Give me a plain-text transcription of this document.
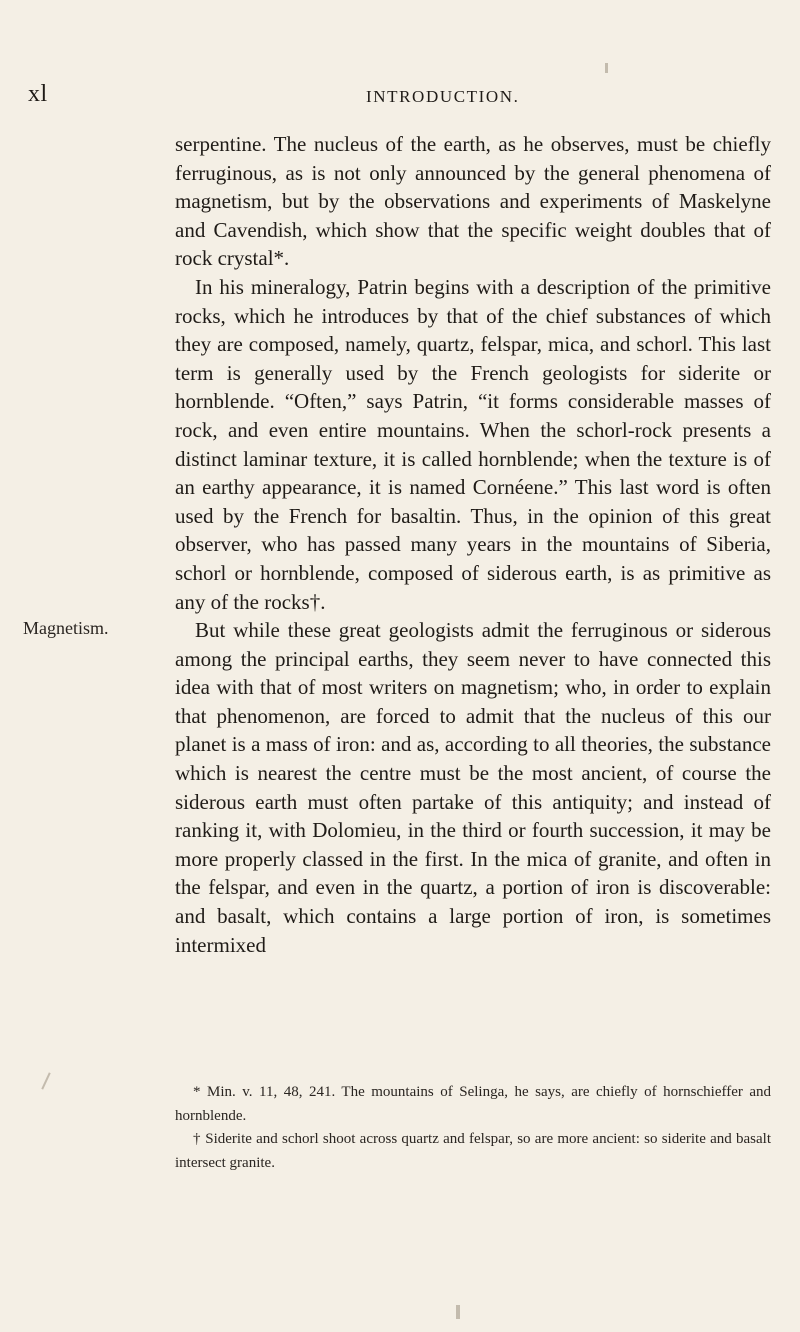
xl	INTRODUCTION.
Magnetism.

serpentine. The nucleus of the earth, as he observes, must be chiefly ferruginous, as is not only announced by the general phenomena of magnetism, but by the observations and experiments of Maskelyne and Cavendish, which show that the specific weight doubles that of rock crystal*.

In his mineralogy, Patrin begins with a description of the primitive rocks, which he introduces by that of the chief substances of which they are composed, namely, quartz, felspar, mica, and schorl. This last term is generally used by the French geologists for siderite or hornblende. “Often,” says Patrin, “it forms considerable masses of rock, and even entire mountains. When the schorl-rock presents a distinct laminar texture, it is called hornblende; when the texture is of an earthy appearance, it is named Cornéene.” This last word is often used by the French for basaltin. Thus, in the opinion of this great observer, who has passed many years in the mountains of Siberia, schorl or hornblende, composed of siderous earth, is as primitive as any of the rocks†.

But while these great geologists admit the ferruginous or siderous among the principal earths, they seem never to have connected this idea with that of most writers on magnetism; who, in order to explain that phenomenon, are forced to admit that the nucleus of this our planet is a mass of iron: and as, according to all theories, the substance which is nearest the centre must be the most ancient, of course the siderous earth must often partake of this antiquity; and instead of ranking it, with Dolomieu, in the third or fourth succession, it may be more properly classed in the first. In the mica of granite, and often in the felspar, and even in the quartz, a portion of iron is discoverable: and basalt, which contains a large portion of iron, is sometimes intermixed

* Min. v. 11, 48, 241. The mountains of Selinga, he says, are chiefly of hornschieffer and hornblende.

† Siderite and schorl shoot across quartz and felspar, so are more ancient: so siderite and basalt intersect granite.
